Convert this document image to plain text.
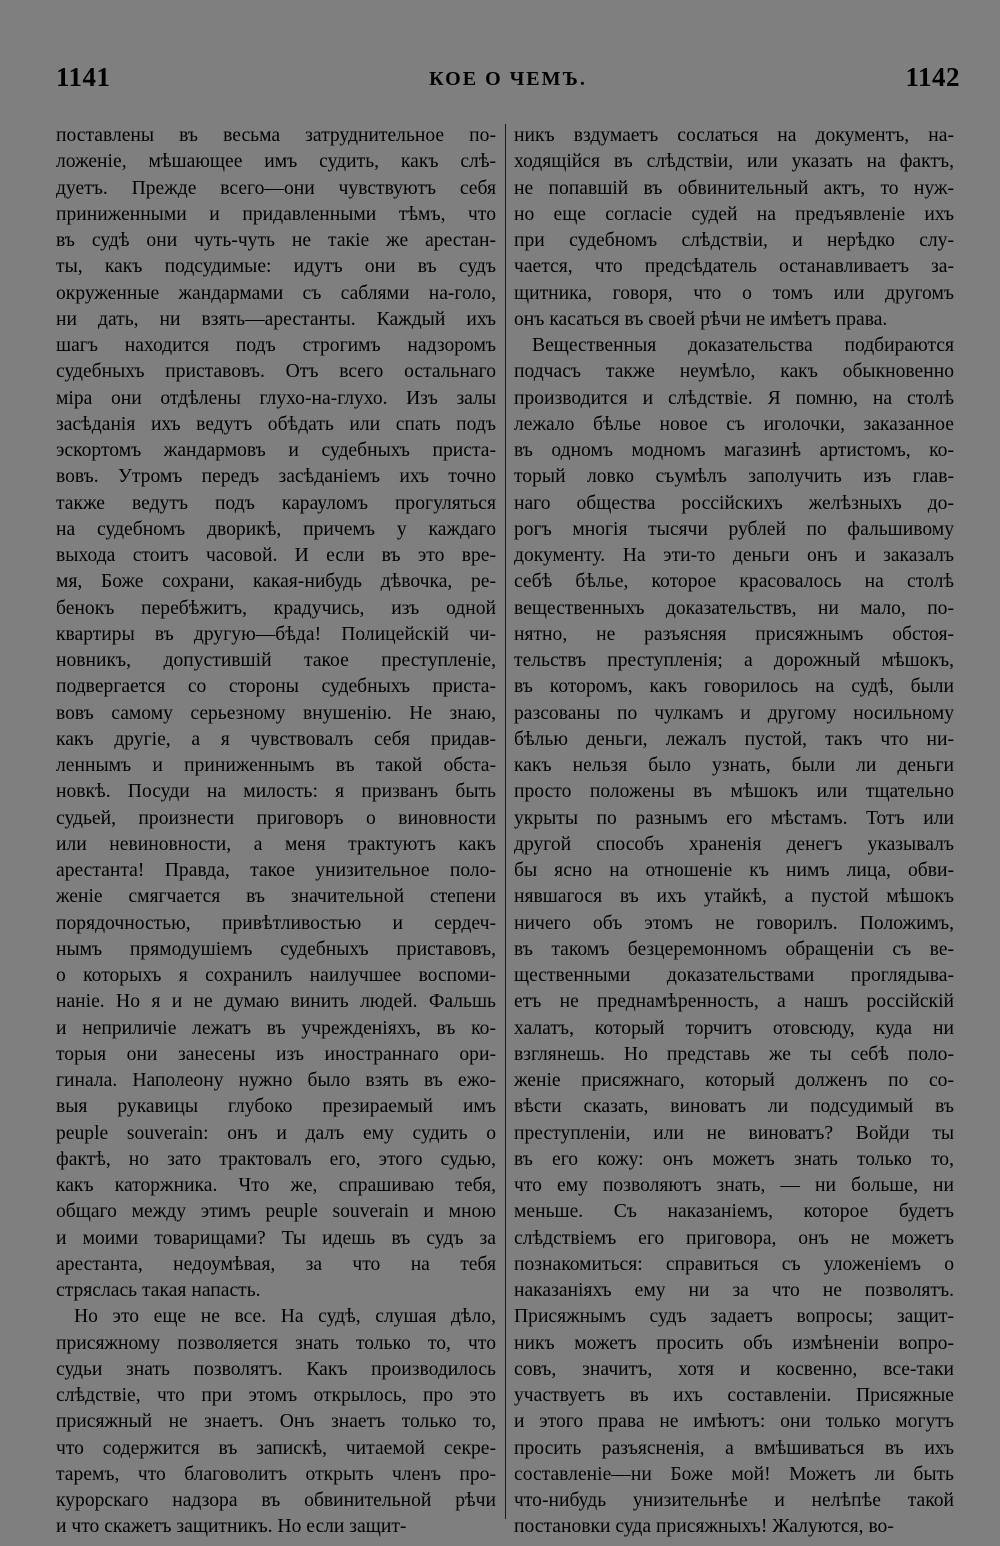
1141	КОЕ О ЧЕМЪ.	1142
поставлены въ весьма затруднительное по-
ложеніе, мѣшающее имъ судить, какъ слѣ-
дуетъ. Прежде всего—они чувствуютъ себя
приниженными и придавленными тѣмъ, что
въ судѣ они чуть-чуть не такіе же арестан-
ты, какъ подсудимые: идутъ они въ судъ
окруженные жандармами съ саблями на-голо,
ни дать, ни взять—арестанты. Каждый ихъ
шагъ находится подъ строгимъ надзоромъ
судебныхъ приставовъ. Отъ всего остальнаго
міра они отдѣлены глухо-на-глухо. Изъ залы
засѣданія ихъ ведутъ обѣдать или спать подъ
эскортомъ жандармовъ и судебныхъ приста-
вовъ. Утромъ передъ засѣданіемъ ихъ точно
также ведутъ подъ карауломъ прогуляться
на судебномъ дворикѣ, причемъ у каждаго
выхода стоитъ часовой. И если въ это вре-
мя, Боже сохрани, какая-нибудь дѣвочка, ре-
бенокъ перебѣжитъ, крадучись, изъ одной
квартиры въ другую—бѣда! Полицейскій чи-
новникъ, допустившій такое преступленіе,
подвергается со стороны судебныхъ приста-
вовъ самому серьезному внушенію. Не знаю,
какъ другіе, а я чувствовалъ себя придав-
леннымъ и приниженнымъ въ такой обста-
новкѣ. Посуди на милость: я призванъ быть
судьей, произнести приговоръ о виновности
или невиновности, а меня трактуютъ какъ
арестанта! Правда, такое унизительное поло-
женіе смягчается въ значительной степени
порядочностью, привѣтливостью и сердеч-
нымъ прямодушіемъ судебныхъ приставовъ,
о которыхъ я сохранилъ наилучшее воспоми-
наніе. Но я и не думаю винить людей. Фальшь
и неприличіе лежатъ въ учрежденіяхъ, въ ко-
торыя они занесены изъ иностраннаго ори-
гинала. Наполеону нужно было взять въ ежо-
выя рукавицы глубоко презираемый имъ
peuple souverain: онъ и далъ ему судить о
фактѣ, но зато трактовалъ его, этого судью,
какъ каторжника. Что же, спрашиваю тебя,
общаго между этимъ peuple souverain и мною
и моими товарищами? Ты идешь въ судъ за
арестанта, недоумѣвая, за что на тебя
стряслась такая напасть.
Но это еще не все. На судѣ, слушая дѣло,
присяжному позволяется знать только то, что
судьи знать позволятъ. Какъ производилось
слѣдствіе, что при этомъ открылось, про это
присяжный не знаетъ. Онъ знаетъ только то,
что содержится въ запискѣ, читаемой секре-
таремъ, что благоволитъ открыть членъ про-
курорскаго надзора въ обвинительной рѣчи
и что скажетъ защитникъ. Но если защит-
никъ вздумаетъ сослаться на документъ, на-
ходящійся въ слѣдствіи, или указать на фактъ,
не попавшій въ обвинительный актъ, то нуж-
но еще согласіе судей на предъявленіе ихъ
при судебномъ слѣдствіи, и нерѣдко слу-
чается, что предсѣдатель останавливаетъ за-
щитника, говоря, что о томъ или другомъ
онъ касаться въ своей рѣчи не имѣетъ права.
Вещественныя доказательства подбираются
подчасъ также неумѣло, какъ обыкновенно
производится и слѣдствіе. Я помню, на столѣ
лежало бѣлье новое съ иголочки, заказанное
въ одномъ модномъ магазинѣ артистомъ, ко-
торый ловко съумѣлъ заполучить изъ глав-
наго общества россійскихъ желѣзныхъ до-
рогъ многія тысячи рублей по фальшивому
документу. На эти-то деньги онъ и заказалъ
себѣ бѣлье, которое красовалось на столѣ
вещественныхъ доказательствъ, ни мало, по-
нятно, не разъясняя присяжнымъ обстоя-
тельствъ преступленія; а дорожный мѣшокъ,
въ которомъ, какъ говорилось на судѣ, были
разсованы по чулкамъ и другому носильному
бѣлью деньги, лежалъ пустой, такъ что ни-
какъ нельзя было узнать, были ли деньги
просто положены въ мѣшокъ или тщательно
укрыты по разнымъ его мѣстамъ. Тотъ или
другой способъ храненія денегъ указывалъ
бы ясно на отношеніе къ нимъ лица, обви-
нявшагося въ ихъ утайкѣ, а пустой мѣшокъ
ничего объ этомъ не говорилъ. Положимъ,
въ такомъ безцеремонномъ обращеніи съ ве-
щественными доказательствами проглядыва-
етъ не преднамѣренность, а нашъ россійскій
халатъ, который торчитъ отовсюду, куда ни
взглянешь. Но представь же ты себѣ поло-
женіе присяжнаго, который долженъ по со-
вѣсти сказать, виноватъ ли подсудимый въ
преступленіи, или не виноватъ? Войди ты
въ его кожу: онъ можетъ знать только то,
что ему позволяютъ знать, — ни больше, ни
меньше. Съ наказаніемъ, которое будетъ
слѣдствіемъ его приговора, онъ не можетъ
познакомиться: справиться съ уложеніемъ о
наказаніяхъ ему ни за что не позволятъ.
Присяжнымъ судъ задаетъ вопросы; защит-
никъ можетъ просить объ измѣненіи вопро-
совъ, значитъ, хотя и косвенно, все-таки
участвуетъ въ ихъ составленіи. Присяжные
и этого права не имѣютъ: они только могутъ
просить разъясненія, а вмѣшиваться въ ихъ
составленіе—ни Боже мой! Можетъ ли быть
что-нибудь унизительнѣе и нелѣпѣе такой
постановки суда присяжныхъ! Жалуются, во-
